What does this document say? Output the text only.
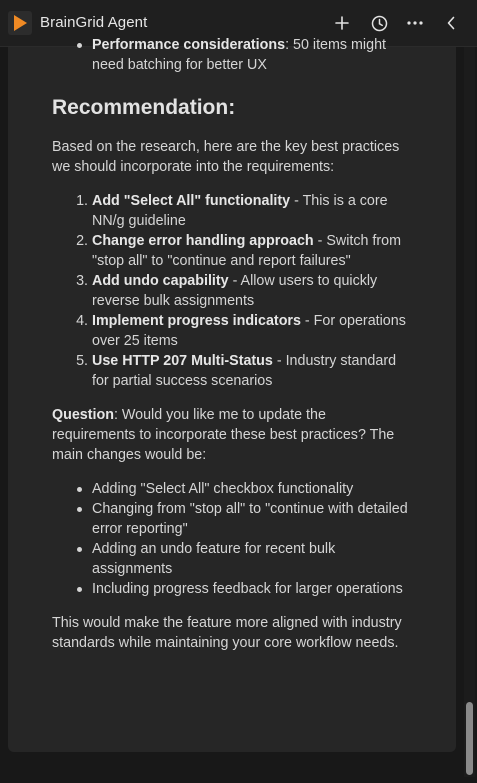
BrainGrid Agent

Performance considerations: 50 items might need batching for better UX

Recommendation:

Based on the research, here are the key best practices we should incorporate into the requirements:

1. Add "Select All" functionality - This is a core NN/g guideline
2. Change error handling approach - Switch from "stop all" to "continue and report failures"
3. Add undo capability - Allow users to quickly reverse bulk assignments
4. Implement progress indicators - For operations over 25 items
5. Use HTTP 207 Multi-Status - Industry standard for partial success scenarios

Question: Would you like me to update the requirements to incorporate these best practices? The main changes would be:

Adding "Select All" checkbox functionality
Changing from "stop all" to "continue with detailed error reporting"
Adding an undo feature for recent bulk assignments
Including progress feedback for larger operations

This would make the feature more aligned with industry standards while maintaining your core workflow needs.
